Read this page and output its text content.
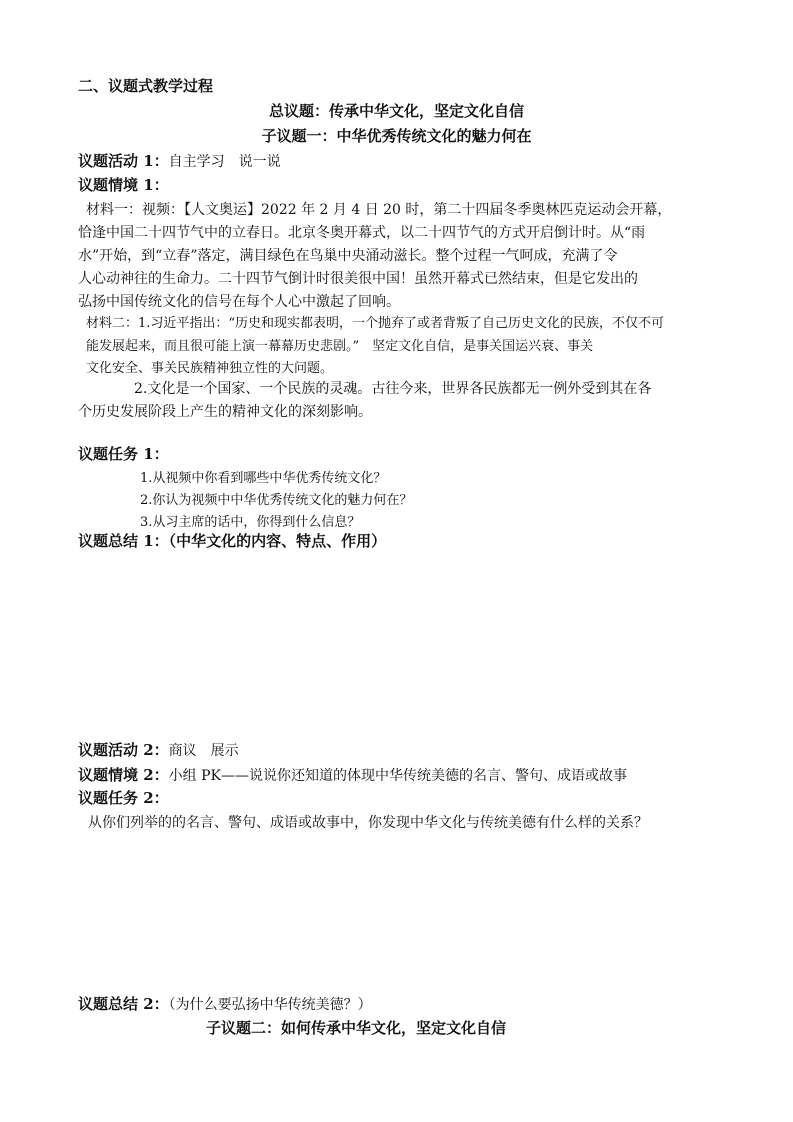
二、议题式教学过程
总议题：传承中华文化，坚定文化自信
子议题一：中华优秀传统文化的魅力何在
议题活动 1：自主学习　说一说
议题情境 1：
材料一：视频：【人文奥运】2022 年 2 月 4 日 20 时，第二十四届冬季奥林匹克运动会开幕，
恰逢中国二十四节气中的立春日。北京冬奥开幕式，以二十四节气的方式开启倒计时。从“雨
水”开始，到“立春”落定，满目绿色在鸟巢中央涌动滋长。整个过程一气呵成，充满了令
人心动神往的生命力。二十四节气倒计时很美很中国！虽然开幕式已然结束，但是它发出的
弘扬中国传统文化的信号在每个人心中激起了回响。
材料二：1.习近平指出：“历史和现实都表明，一个抛弃了或者背叛了自己历史文化的民族，不仅不可
能发展起来，而且很可能上演一幕幕历史悲剧。”　坚定文化自信，是事关国运兴衰、事关
文化安全、事关民族精神独立性的大问题。
2.文化是一个国家、一个民族的灵魂。古往今来，世界各民族都无一例外受到其在各
个历史发展阶段上产生的精神文化的深刻影响。
议题任务 1：
1.从视频中你看到哪些中华优秀传统文化？
2.你认为视频中中华优秀传统文化的魅力何在？
3.从习主席的话中，你得到什么信息？
议题总结 1：（中华文化的内容、特点、作用）
议题活动 2：商议　展示
议题情境 2：小组 PK——说说你还知道的体现中华传统美德的名言、警句、成语或故事
议题任务 2：
从你们列举的的名言、警句、成语或故事中，你发现中华文化与传统美德有什么样的关系？
议题总结 2：（为什么要弘扬中华传统美德？）
子议题二：如何传承中华文化，坚定文化自信
